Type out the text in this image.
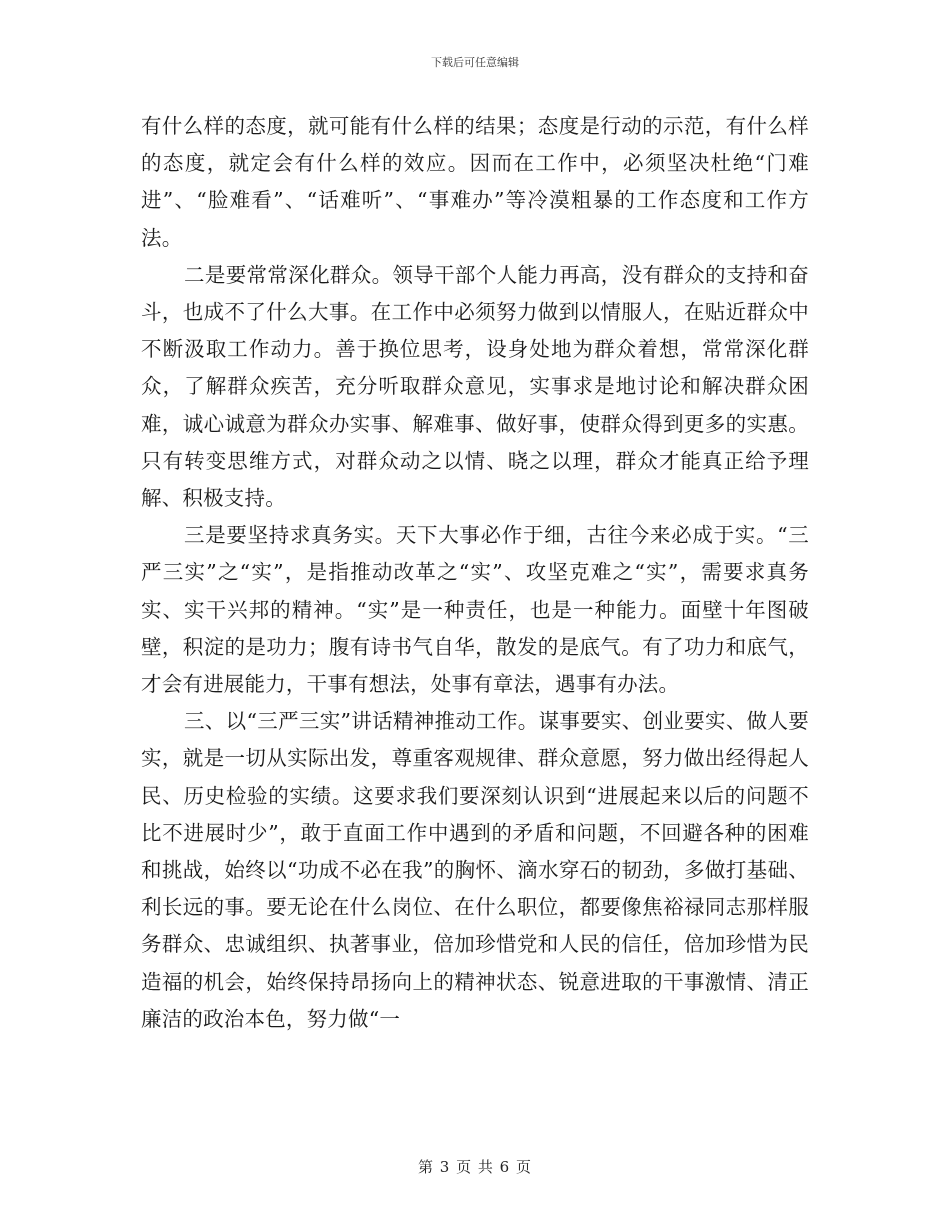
下载后可任意编辑

有什么样的态度，就可能有什么样的结果；态度是行动的示范，有什么样的态度，就定会有什么样的效应。因而在工作中，必须坚决杜绝“门难进”、“脸难看”、“话难听”、“事难办”等冷漠粗暴的工作态度和工作方法。

二是要常常深化群众。领导干部个人能力再高，没有群众的支持和奋斗，也成不了什么大事。在工作中必须努力做到以情服人，在贴近群众中不断汲取工作动力。善于换位思考，设身处地为群众着想，常常深化群众，了解群众疾苦，充分听取群众意见，实事求是地讨论和解决群众困难，诚心诚意为群众办实事、解难事、做好事，使群众得到更多的实惠。只有转变思维方式，对群众动之以情、晓之以理，群众才能真正给予理解、积极支持。

三是要坚持求真务实。天下大事必作于细，古往今来必成于实。“三严三实”之“实”，是指推动改革之“实”、攻坚克难之“实”，需要求真务实、实干兴邦的精神。“实”是一种责任，也是一种能力。面壁十年图破壁，积淀的是功力；腹有诗书气自华，散发的是底气。有了功力和底气，才会有进展能力，干事有想法，处事有章法，遇事有办法。

三、以“三严三实”讲话精神推动工作。谋事要实、创业要实、做人要实，就是一切从实际出发，尊重客观规律、群众意愿，努力做出经得起人民、历史检验的实绩。这要求我们要深刻认识到“进展起来以后的问题不比不进展时少”，敢于直面工作中遇到的矛盾和问题，不回避各种的困难和挑战，始终以“功成不必在我”的胸怀、滴水穿石的韧劲，多做打基础、利长远的事。要无论在什么岗位、在什么职位，都要像焦裕禄同志那样服务群众、忠诚组织、执著事业，倍加珍惜党和人民的信任，倍加珍惜为民造福的机会，始终保持昂扬向上的精神状态、锐意进取的干事激情、清正廉洁的政治本色，努力做“一

第 3 页 共 6 页
